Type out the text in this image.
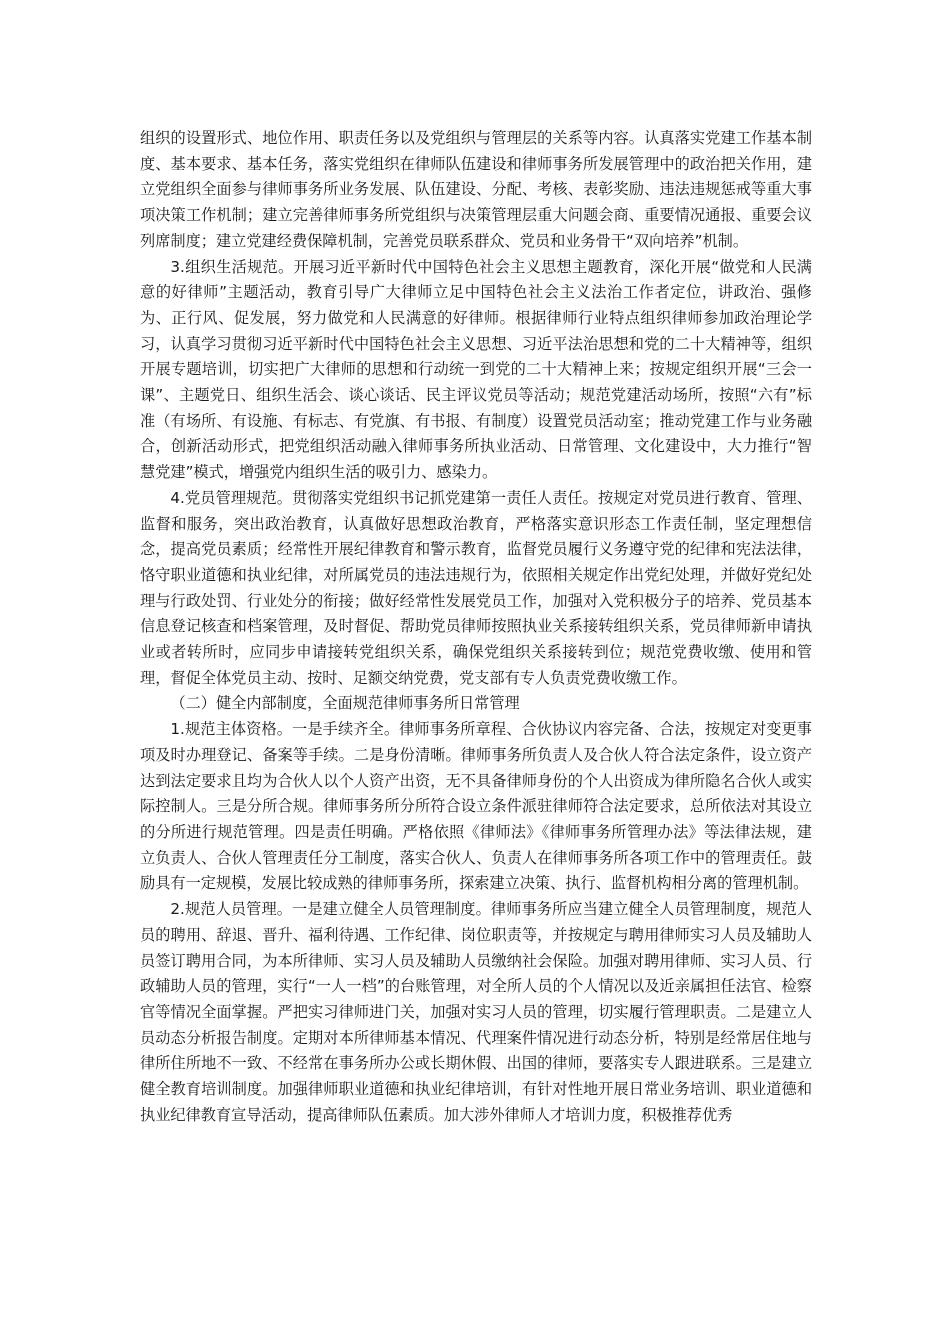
组织的设置形式、地位作用、职责任务以及党组织与管理层的关系等内容。认真落实党建工作基本制度、基本要求、基本任务，落实党组织在律师队伍建设和律师事务所发展管理中的政治把关作用，建立党组织全面参与律师事务所业务发展、队伍建设、分配、考核、表彰奖励、违法违规惩戒等重大事项决策工作机制；建立完善律师事务所党组织与决策管理层重大问题会商、重要情况通报、重要会议列席制度；建立党建经费保障机制，完善党员联系群众、党员和业务骨干“双向培养”机制。

3.组织生活规范。开展习近平新时代中国特色社会主义思想主题教育，深化开展“做党和人民满意的好律师”主题活动，教育引导广大律师立足中国特色社会主义法治工作者定位，讲政治、强修为、正行风、促发展，努力做党和人民满意的好律师。根据律师行业特点组织律师参加政治理论学习，认真学习贯彻习近平新时代中国特色社会主义思想、习近平法治思想和党的二十大精神等，组织开展专题培训，切实把广大律师的思想和行动统一到党的二十大精神上来；按规定组织开展“三会一课”、主题党日、组织生活会、谈心谈话、民主评议党员等活动；规范党建活动场所，按照“六有”标准（有场所、有设施、有标志、有党旗、有书报、有制度）设置党员活动室；推动党建工作与业务融合，创新活动形式，把党组织活动融入律师事务所执业活动、日常管理、文化建设中，大力推行“智慧党建”模式，增强党内组织生活的吸引力、感染力。

4.党员管理规范。贯彻落实党组织书记抓党建第一责任人责任。按规定对党员进行教育、管理、监督和服务，突出政治教育，认真做好思想政治教育，严格落实意识形态工作责任制，坚定理想信念，提高党员素质；经常性开展纪律教育和警示教育，监督党员履行义务遵守党的纪律和宪法法律，恪守职业道德和执业纪律，对所属党员的违法违规行为，依照相关规定作出党纪处理，并做好党纪处理与行政处罚、行业处分的衔接；做好经常性发展党员工作，加强对入党积极分子的培养、党员基本信息登记核查和档案管理，及时督促、帮助党员律师按照执业关系接转组织关系，党员律师新申请执业或者转所时，应同步申请接转党组织关系，确保党组织关系接转到位；规范党费收缴、使用和管理，督促全体党员主动、按时、足额交纳党费，党支部有专人负责党费收缴工作。

（二）健全内部制度，全面规范律师事务所日常管理

1.规范主体资格。一是手续齐全。律师事务所章程、合伙协议内容完备、合法，按规定对变更事项及时办理登记、备案等手续。二是身份清晰。律师事务所负责人及合伙人符合法定条件，设立资产达到法定要求且均为合伙人以个人资产出资，无不具备律师身份的个人出资成为律所隐名合伙人或实际控制人。三是分所合规。律师事务所分所符合设立条件派驻律师符合法定要求，总所依法对其设立的分所进行规范管理。四是责任明确。严格依照《律师法》《律师事务所管理办法》等法律法规，建立负责人、合伙人管理责任分工制度，落实合伙人、负责人在律师事务所各项工作中的管理责任。鼓励具有一定规模，发展比较成熟的律师事务所，探索建立决策、执行、监督机构相分离的管理机制。

2.规范人员管理。一是建立健全人员管理制度。律师事务所应当建立健全人员管理制度，规范人员的聘用、辞退、晋升、福利待遇、工作纪律、岗位职责等，并按规定与聘用律师实习人员及辅助人员签订聘用合同，为本所律师、实习人员及辅助人员缴纳社会保险。加强对聘用律师、实习人员、行政辅助人员的管理，实行“一人一档”的台账管理，对全所人员的个人情况以及近亲属担任法官、检察官等情况全面掌握。严把实习律师进门关，加强对实习人员的管理，切实履行管理职责。二是建立人员动态分析报告制度。定期对本所律师基本情况、代理案件情况进行动态分析，特别是经常居住地与律所住所地不一致、不经常在事务所办公或长期休假、出国的律师，要落实专人跟进联系。三是建立健全教育培训制度。加强律师职业道德和执业纪律培训，有针对性地开展日常业务培训、职业道德和执业纪律教育宣导活动，提高律师队伍素质。加大涉外律师人才培训力度，积极推荐优秀
